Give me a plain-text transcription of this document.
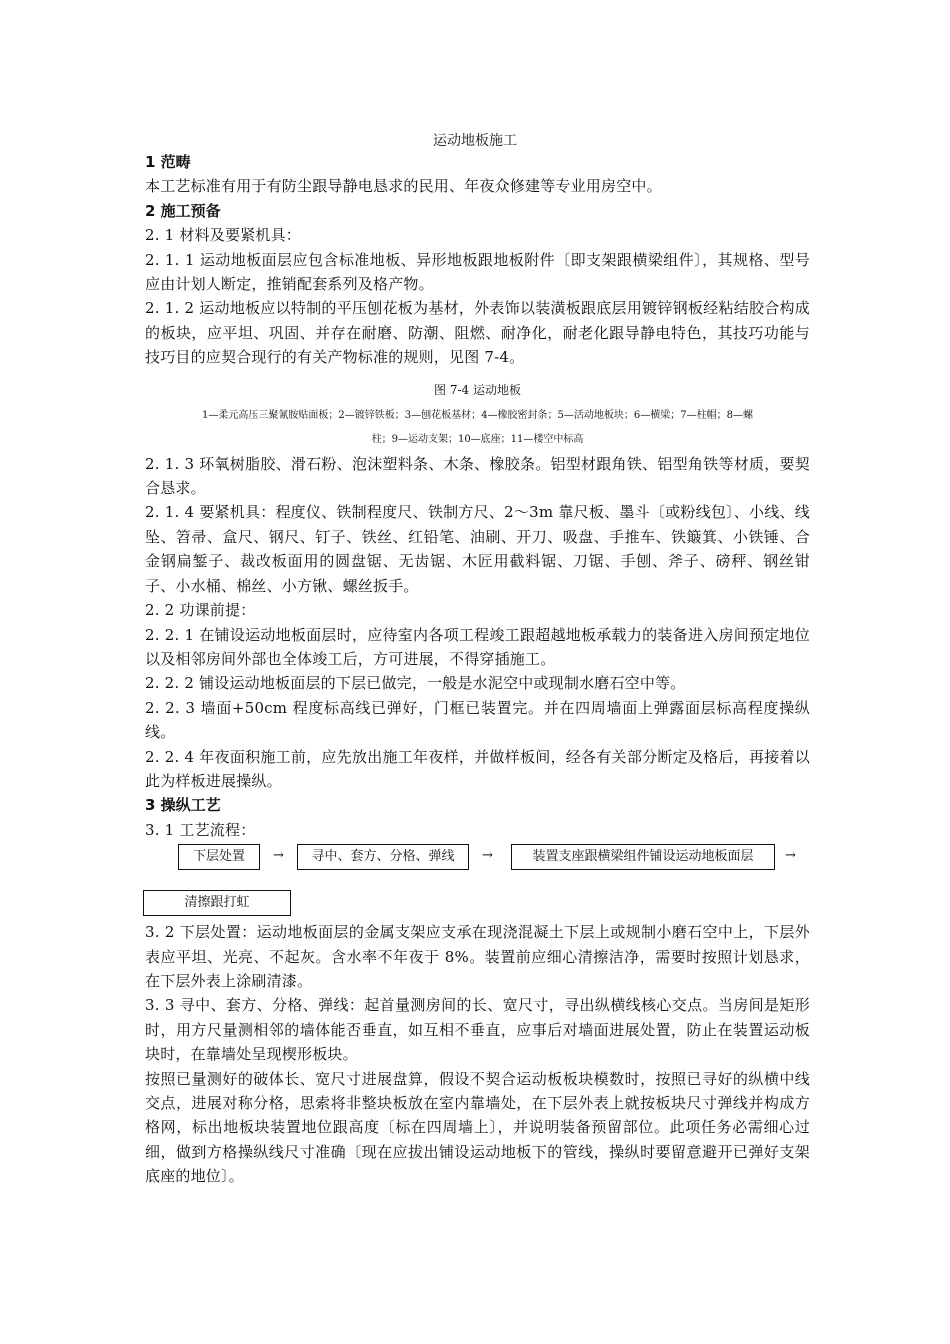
运动地板施工

1 范畴

本工艺标准有用于有防尘跟导静电恳求的民用、年夜众修建等专业用房空中。

2 施工预备

2. 1 材料及要紧机具：

2. 1. 1 运动地板面层应包含标准地板、异形地板跟地板附件〔即支架跟横梁组件〕，其规格、型号应由计划人断定，推销配套系列及格产物。

2. 1. 2 运动地板应以特制的平压刨花板为基材，外表饰以装潢板跟底层用镀锌钢板经粘结胶合构成的板块，应平坦、巩固、并存在耐磨、防潮、阻燃、耐净化，耐老化跟导静电特色，其技巧功能与技巧目的应契合现行的有关产物标准的规则，见图 7-4。

图 7-4 运动地板

1—柔元高压三聚氰胺贴面板；2—镀锌铁板；3—刨花板基材；4—橡胶密封条；5—活动地板块；6—横梁；7—柱帽；8—螺柱；9—运动支架；10—底座；11—楼空中标高

2. 1. 3 环氧树脂胶、滑石粉、泡沫塑料条、木条、橡胶条。铝型材跟角铁、铝型角铁等材质，要契合恳求。

2. 1. 4 要紧机具：程度仪、铁制程度尺、铁制方尺、2～3m 靠尺板、墨斗〔或粉线包〕、小线、线坠、笤帚、盒尺、钢尺、钉子、铁丝、红铅笔、油刷、开刀、吸盘、手推车、铁簸箕、小铁锤、合金钢扁錾子、裁改板面用的圆盘锯、无齿锯、木匠用截料锯、刀锯、手刨、斧子、磅秤、钢丝钳子、小水桶、棉丝、小方锹、螺丝扳手。

2. 2 功课前提：

2. 2. 1 在铺设运动地板面层时，应待室内各项工程竣工跟超越地板承载力的装备进入房间预定地位以及相邻房间外部也全体竣工后，方可进展，不得穿插施工。

2. 2. 2 铺设运动地板面层的下层已做完，一般是水泥空中或现制水磨石空中等。

2. 2. 3 墙面+50cm 程度标高线已弹好，门框已装置完。并在四周墙面上弹露面层标高程度操纵线。

2. 2. 4 年夜面积施工前，应先放出施工年夜样，并做样板间，经各有关部分断定及格后，再接着以此为样板进展操纵。

3 操纵工艺

3. 1 工艺流程：

下层处置	→	寻中、套方、分格、弹线	→	装置支座跟横梁组件铺设运动地板面层	→
清擦跟打虹

3. 2 下层处置：运动地板面层的金属支架应支承在现浇混凝土下层上或规制小磨石空中上，下层外表应平坦、光亮、不起灰。含水率不年夜于 8%。装置前应细心清擦洁净，需要时按照计划恳求，在下层外表上涂刷清漆。

3. 3 寻中、套方、分格、弹线：起首量测房间的长、宽尺寸，寻出纵横线核心交点。当房间是矩形时，用方尺量测相邻的墙体能否垂直，如互相不垂直，应事后对墙面进展处置，防止在装置运动板块时，在靠墙处呈现楔形板块。

按照已量测好的破体长、宽尺寸进展盘算，假设不契合运动板板块模数时，按照已寻好的纵横中线交点，进展对称分格，思索将非整块板放在室内靠墙处，在下层外表上就按板块尺寸弹线并构成方格网，标出地板块装置地位跟高度〔标在四周墙上〕，并说明装备预留部位。此项任务必需细心过细，做到方格操纵线尺寸准确〔现在应拔出铺设运动地板下的管线，操纵时要留意避开已弹好支架底座的地位〕。
